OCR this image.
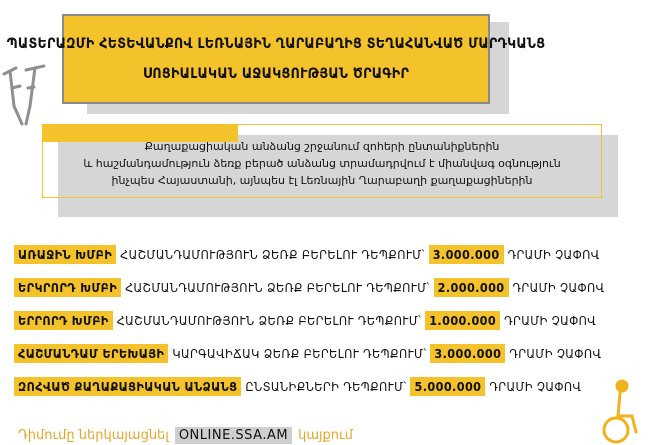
ՊԱՏԵՐԱԶՄԻ ՀԵՏԵՎԱՆՔՈՎ ԼԵՌՆԱՅԻՆ ՂԱՐԱԲԱՂԻՑ ՏԵՂԱՀԱՆՎԱԾ ՄԱՐԴԿԱՆՑ
ՍՈՑԻԱԼԱԿԱՆ ԱՋԱԿՑՈՒԹՅԱՆ ԾՐԱԳԻՐ
Քաղաքացիական անձանց շրջանում զոհերի ընտանիքներին
և հաշմանդամություն ձեռք բերած անձանց տրամադրվում է միանվագ օգնություն
ինչպես Հայաստանի, այնպես էլ Լեռնային Ղարաբաղի քաղաքացիներին
ԱՌԱՋԻՆ ԽՄԲԻ ՀԱՇՄԱՆԴԱՄՈՒԹՅՈՒՆ ՁԵՌՔ ԲԵՐԵԼՈՒ ԴԵՊՔՈՒՄ՝ 3.000.000 ԴՐԱՄԻ ՉԱՓՈՎ
ԵՐԿՐՈՐԴ ԽՄԲԻ ՀԱՇՄԱՆԴԱՄՈՒԹՅՈՒՆ ՁԵՌՔ ԲԵՐԵԼՈՒ ԴԵՊՔՈՒՄ՝ 2.000.000 ԴՐԱՄԻ ՉԱՓՈՎ
ԵՐՐՈՐԴ ԽՄԲԻ ՀԱՇՄԱՆԴԱՄՈՒԹՅՈՒՆ ՁԵՌՔ ԲԵՐԵԼՈՒ ԴԵՊՔՈՒՄ՝ 1.000.000 ԴՐԱՄԻ ՉԱՓՈՎ
ՀԱՇՄԱՆԴԱՄ ԵՐԵԽԱՅԻ ԿԱՐԳԱՎԻՃԱԿ ՁԵՌՔ ԲԵՐԵԼՈՒ ԴԵՊՔՈՒՄ՝ 3.000.000 ԴՐԱՄԻ ՉԱՓՈՎ
ԶՈՀՎԱԾ ՔԱՂԱՔԱՑԻԱԿԱՆ ԱՆՁԱՆՑ ԸՆՏԱՆԻՔՆԵՐԻ ԴԵՊՔՈՒՄ՝ 5.000.000 ԴՐԱՄԻ ՉԱՓՈՎ
Դիմումը ներկայացնել ONLINE.SSA.AM կայքում
